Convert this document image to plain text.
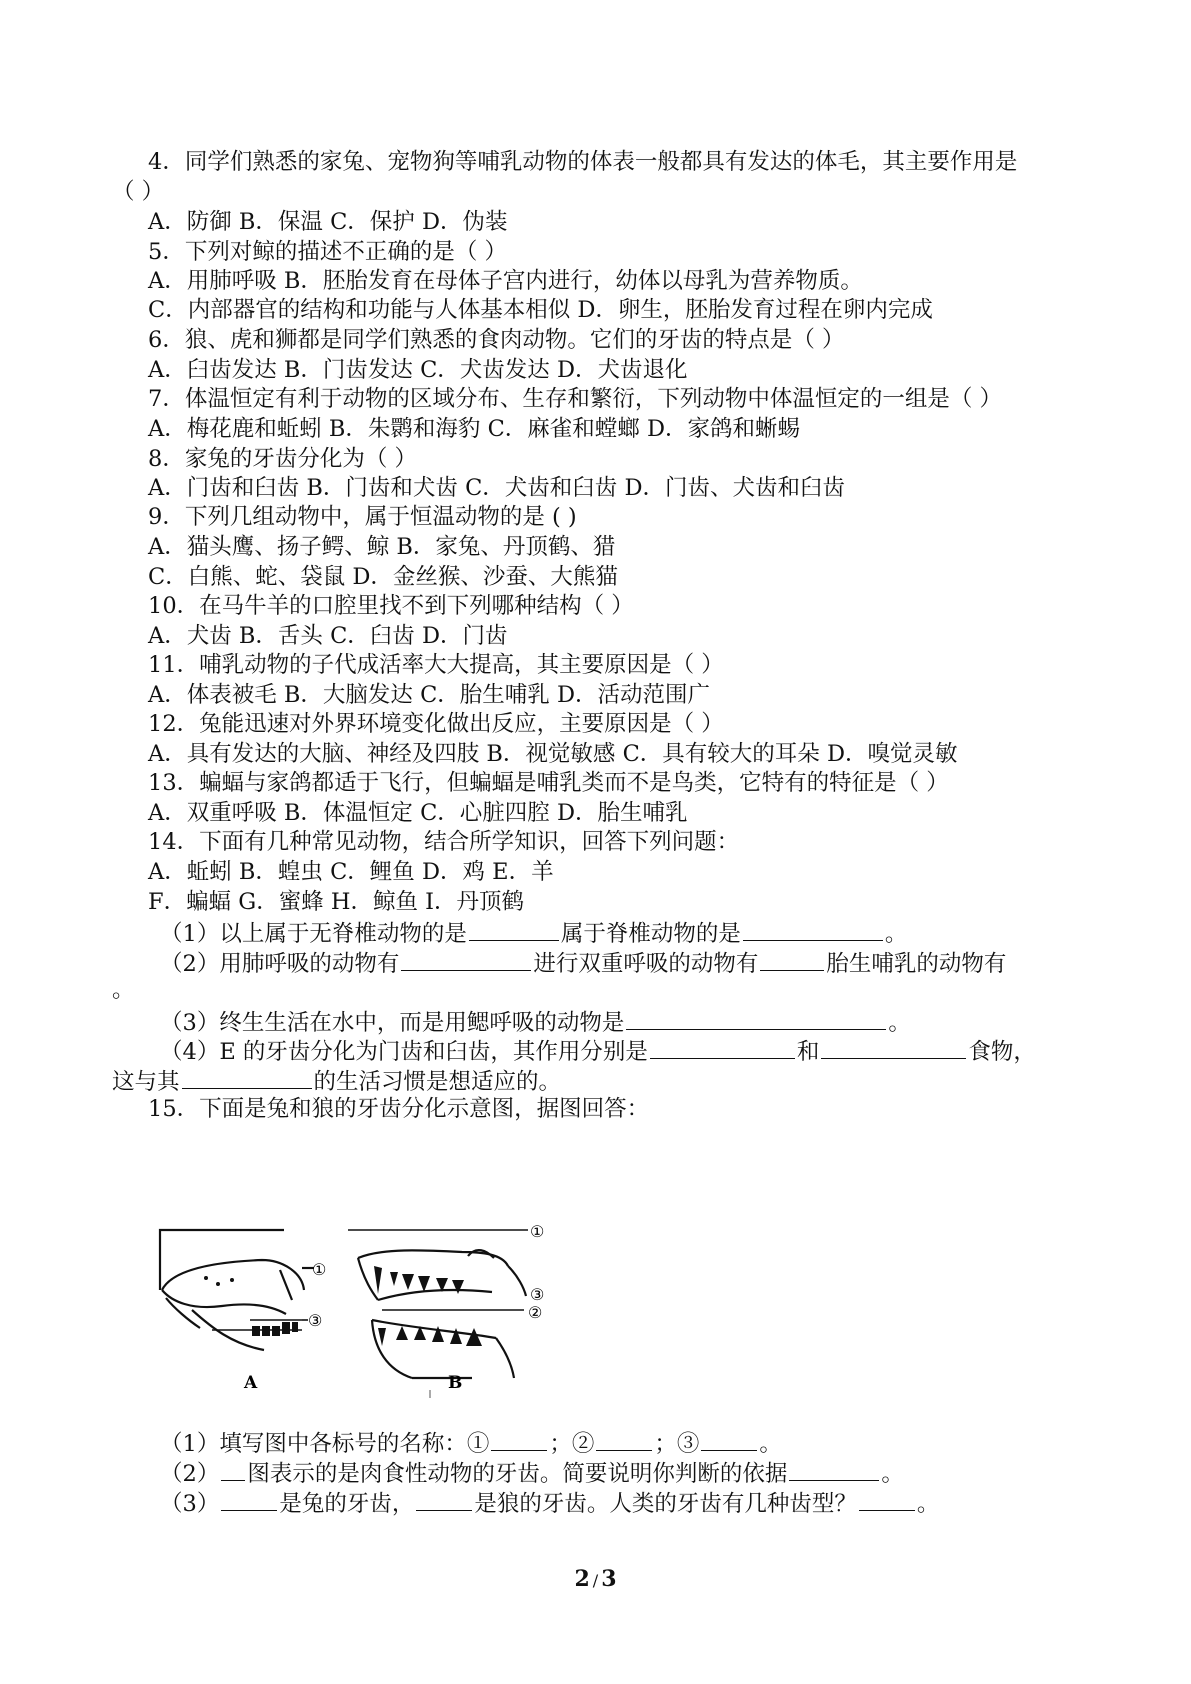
4．同学们熟悉的家兔、宠物狗等哺乳动物的体表一般都具有发达的体毛，其主要作用是
（ ）
A．防御 B．保温 C．保护 D．伪装
5．下列对鲸的描述不正确的是（ ）
A．用肺呼吸 B．胚胎发育在母体子宫内进行，幼体以母乳为营养物质。
C．内部器官的结构和功能与人体基本相似 D．卵生，胚胎发育过程在卵内完成
6．狼、虎和狮都是同学们熟悉的食肉动物。它们的牙齿的特点是（ ）
A．臼齿发达 B．门齿发达 C．犬齿发达 D．犬齿退化
7．体温恒定有利于动物的区域分布、生存和繁衍，下列动物中体温恒定的一组是（ ）
A．梅花鹿和蚯蚓 B．朱鹮和海豹 C．麻雀和螳螂 D．家鸽和蜥蜴
8．家兔的牙齿分化为（ ）
A．门齿和臼齿 B．门齿和犬齿 C．犬齿和臼齿 D．门齿、犬齿和臼齿
9．下列几组动物中，属于恒温动物的是 ( )
A．猫头鹰、扬子鳄、鲸 B．家兔、丹顶鹤、猎
C．白熊、蛇、袋鼠 D．金丝猴、沙蚕、大熊猫
10．在马牛羊的口腔里找不到下列哪种结构（ ）
A．犬齿 B．舌头 C．臼齿 D．门齿
11．哺乳动物的子代成活率大大提高，其主要原因是（ ）
A．体表被毛 B．大脑发达 C．胎生哺乳 D．活动范围广
12．兔能迅速对外界环境变化做出反应，主要原因是（ ）
A．具有发达的大脑、神经及四肢 B．视觉敏感 C．具有较大的耳朵 D．嗅觉灵敏
13．蝙蝠与家鸽都适于飞行，但蝙蝠是哺乳类而不是鸟类，它特有的特征是（ ）
A．双重呼吸 B．体温恒定 C．心脏四腔 D．胎生哺乳
14．下面有几种常见动物，结合所学知识，回答下列问题：
A．蚯蚓 B．蝗虫 C．鲤鱼 D．鸡 E．羊
F．蝙蝠 G．蜜蜂 H．鲸鱼 I．丹顶鹤
（1）以上属于无脊椎动物的是	属于脊椎动物的是	。
（2）用肺呼吸的动物有	进行双重呼吸的动物有	胎生哺乳的动物有
。
（3）终生生活在水中，而是用鳃呼吸的动物是	。
（4）E 的牙齿分化为门齿和臼齿，其作用分别是	和	食物，
这与其	的生活习惯是想适应的。
15．下面是兔和狼的牙齿分化示意图，据图回答：
①
③
A
①
③
②
B
（1）填写图中各标号的名称：①	；②	；③	。
（2） 图表示的是肉食性动物的牙齿。简要说明你判断的依据	。
（3）	是兔的牙齿，	是狼的牙齿。人类的牙齿有几种齿型？	。
2 / 3
